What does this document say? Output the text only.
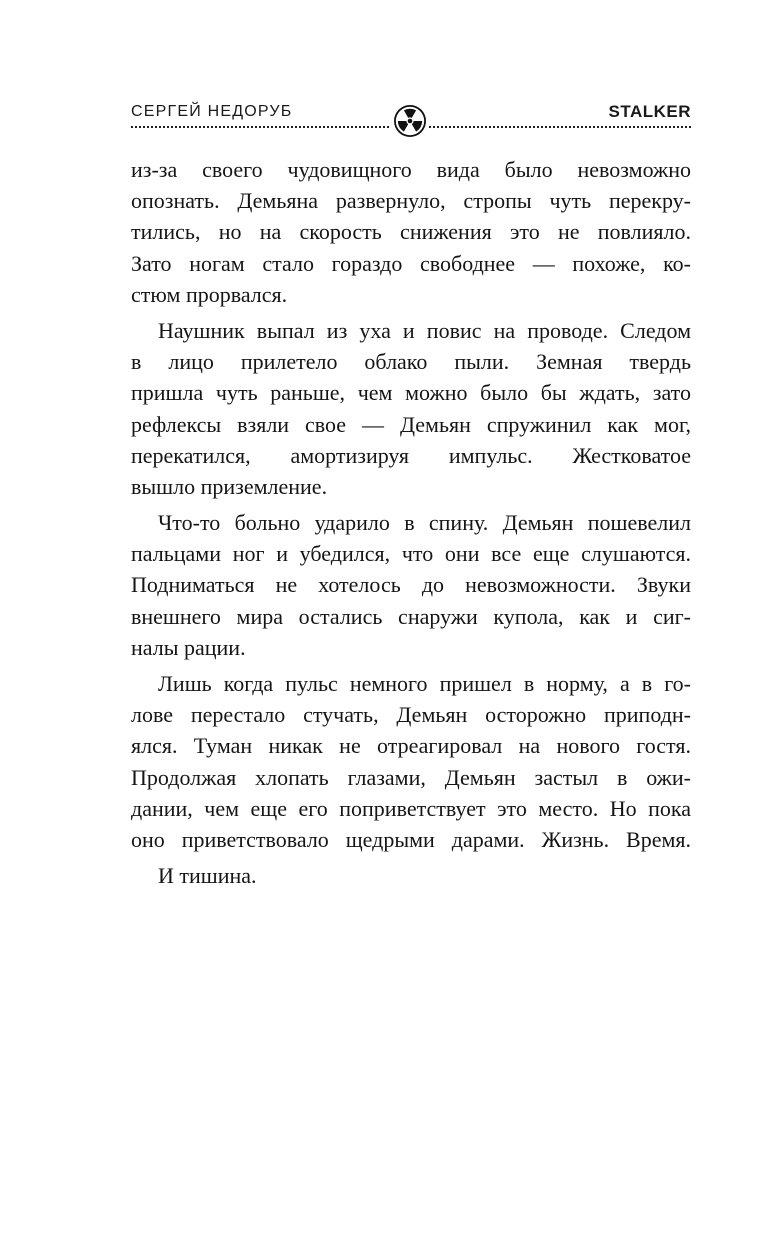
СЕРГЕЙ НЕДОРУБ	STALKER
из-за своего чудовищного вида было невозможно
опознать. Демьяна развернуло, стропы чуть перекру-
тились, но на скорость снижения это не повлияло.
Зато ногам стало гораздо свободнее — похоже, ко-
стюм прорвался.
Наушник выпал из уха и повис на проводе. Следом
в лицо прилетело облако пыли. Земная твердь
пришла чуть раньше, чем можно было бы ждать, зато
рефлексы взяли свое — Демьян спружинил как мог,
перекатился, амортизируя импульс. Жестковатое
вышло приземление.
Что-то больно ударило в спину. Демьян пошевелил
пальцами ног и убедился, что они все еще слушаются.
Подниматься не хотелось до невозможности. Звуки
внешнего мира остались снаружи купола, как и сиг-
налы рации.
Лишь когда пульс немного пришел в норму, а в го-
лове перестало стучать, Демьян осторожно приподн-
ялся. Туман никак не отреагировал на нового гостя.
Продолжая хлопать глазами, Демьян застыл в ожи-
дании, чем еще его поприветствует это место. Но пока
оно приветствовало щедрыми дарами. Жизнь. Время.
И тишина.
